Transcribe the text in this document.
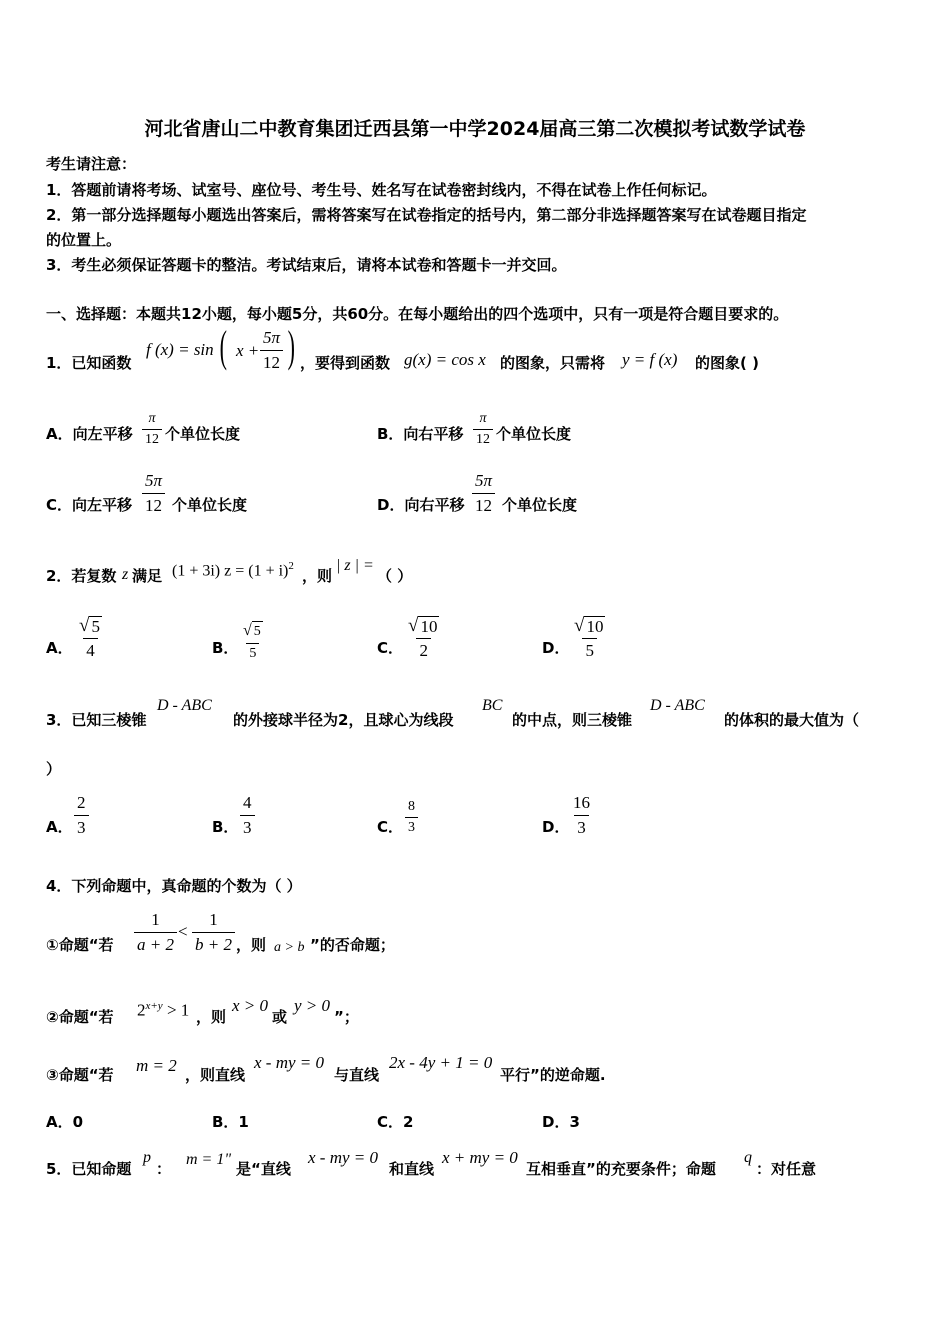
河北省唐山二中教育集团迁西县第一中学2024届高三第二次模拟考试数学试卷
考生请注意：
1．答题前请将考场、试室号、座位号、考生号、姓名写在试卷密封线内，不得在试卷上作任何标记。
2．第一部分选择题每小题选出答案后，需将答案写在试卷指定的括号内，第二部分非选择题答案写在试卷题目指定
的位置上。
3．考生必须保证答题卡的整洁。考试结束后，请将本试卷和答题卡一并交回。
一、选择题：本题共12小题，每小题5分，共60分。在每小题给出的四个选项中，只有一项是符合题目要求的。
1．已知函数
f (x) = sin ( $x + \frac{5\pi}{12}$ ) ，要得到函数 g(x) = cos x 的图象，只需将 y = f (x) 的图象( )
A．向左平移 $\frac{\pi}{12}$ 个单位长度	B．向右平移 $\frac{\pi}{12}$ 个单位长度
C．向左平移 $\frac{5\pi}{12}$ 个单位长度	D．向右平移 $\frac{5\pi}{12}$ 个单位长度
2．若复数 z 满足 (1 + 3i) $z = (1 + i)^2$
，则
| z | =
（ ）
A． $\frac{√ 5}{4}$	B． $\frac{√ 5}{5}$	C． $\frac{√ 10}{2}$	D． $\frac{√ 10}{5}$
3．已知三棱锥
D - ABC
的外接球半径为2，且球心为线段
BC
的中点，则三棱锥
D - ABC
的体积的最大值为（
）
A． $\frac{2}{3}$	B． $\frac{4}{3}$	C． $\frac{8}{3}$	D． $\frac{16}{3}$
4．下列命题中，真命题的个数为（ ）
①命题“若 $\frac{1}{a + 2} < \frac{1}{b + 2}$ ，则 a > b ”的否命题；
②命题“若 $2^{x+y} > 1$ ，则
x > 0
或
y > 0
”；
③命题“若 m = 2 ，则直线
x - my = 0
与直线
2x - 4y + 1 = 0
平行”的逆命题.
A．0	B．1	C．2	D．3
5．已知命题
p
：
m = 1"
是“直线
x - my = 0
和直线
x + my = 0
互相垂直”的充要条件；命题
q
：对任意
